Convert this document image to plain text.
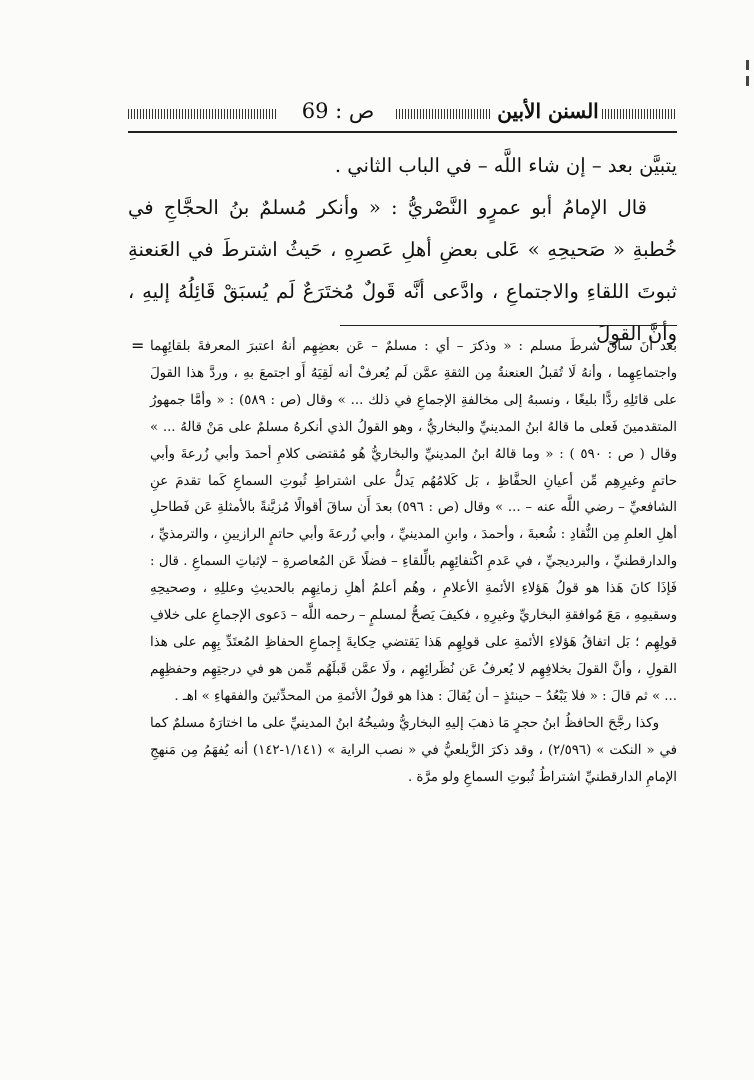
ص : 69	السنن الأبين

يتبيَّن بعد – إن شاء اللَّه – في الباب الثاني .

قال الإمامُ أبو عمرٍو النَّصْريُّ : « وأنكر مُسلمٌ بنُ الحجَّاجِ في خُطبةِ « صَحيحِهِ » عَلى بعضِ أهلِ عَصرِهِ ، حَيثُ اشترطَ في العَنعنةِ ثبوتَ اللقاءِ والاجتماعِ ، وادَّعى أنَّه قَولٌ مُختَرَعٌ لَم يُسبَقْ قَائِلُهُ إليهِ ، وأنَّ القولَ

= بعد أنَ ساقَ شرطَ مسلم : « وذكرَ – أي : مسلمٌ – عَن بعضِهِم أنهُ اعتبرَ المعرفةَ بلقائِهِما واجتماعِهِما ، وأنهُ لَا تُقبلُ العنعنةُ مِن الثقةِ عمَّن لَم يُعرفْ أنه لَقِيَهُ أَو اجتمعَ بهِ ، وردَّ هذا القولَ على قائلِهِ ردًّا بليغًا ، ونسبهُ إلى مخالفةِ الإجماعِ في ذلك ... » وقال (ص : ٥٨٩) : « وأمَّا جمهورُ المتقدمينَ فَعلى ما قالهُ ابنُ المدينيِّ والبخاريُّ ، وهو القولُ الذي أنكرهُ مسلمٌ على مَنْ قالهُ ... » وقال ( ص : ٥٩٠ ) : « وما قالهُ ابنُ المدينيِّ والبخاريُّ هُو مُقتضى كلامِ أحمدَ وأبي زُرعةَ وأبي حاتمٍ وغيرِهِم مِّن أعيانِ الحفَّاظِ ، بَل كَلامُهُم يَدلُّ على اشتراطِ ثُبوتِ السماعِ كَما تقدمَ عنِ الشافعيِّ – رضي اللَّه عنه – ... » وقال (ص : ٥٩٦) بعدَ أَن ساقَ أقوالًا مُزيَّنةً بالأمثلةِ عَن فَطاحلِ أهلِ العلمِ مِن النُّقادِ : شُعبةَ ، وأحمدَ ، وابنِ المدينيِّ ، وأبي زُرعةَ وأبي حاتمٍ الرازيينِ ، والترمذيِّ ، والدارقطنيِّ ، والبرديجيِّ ، في عَدمِ اكْتفائِهِم بالِّلقاءِ – فضلًا عَن المُعاصرةِ – لإثباتِ السماعِ . قال : فَإذَا كانَ هَذا هو قولُ هَؤلاءِ الأئمةِ الأعلامِ ، وهُم أعلمُ أهلِ زمانِهِم بالحديثِ وعللِهِ ، وصحيحِهِ وسقيمِهِ ، مَعَ مُوافقةِ البخاريِّ وغيرِهِ ، فكيفَ يَصحُّ لمسلمٍ – رحمه اللَّه – دَعوى الإجماعِ على خلافِ قولِهِم ؛ بَل اتفاقُ هَؤلاءِ الأئمةِ على قولِهِم هَذا يَقتضي حِكايةَ إِجماعِ الحفاظِ المُعتَدِّ بِهِم على هذا القولِ ، وأنَّ القولَ بخلافِهِم لا يُعرفُ عَن نُظَرائِهِم ، ولَا عمَّن قَبلَهُم مِّمن هو في درجتِهِم وحفظِهِم ... » ثم قالَ : « فلا يَبْعُدُ – حينئذٍ – أن يُقالَ : هذا هو قولُ الأئمةِ من المحدِّثينَ والفقهاءِ » اهـ .

وكذا رجَّحَ الحافظُ ابنُ حجرٍ مَا ذهبَ إليهِ البخاريُّ وشيخُهُ ابنُ المدينيِّ على ما اختارَهُ مسلمٌ كما في « النكت » (٢/٥٩٦) ، وقد ذكرَ الزَّيلعيُّ في « نصب الراية » (١/١٤١-١٤٢) أنه يُفهَمُ مِن مَنهجِ الإمامِ الدارقطنيِّ اشتراطُ ثُبوتِ السماعِ ولو مرَّة .
